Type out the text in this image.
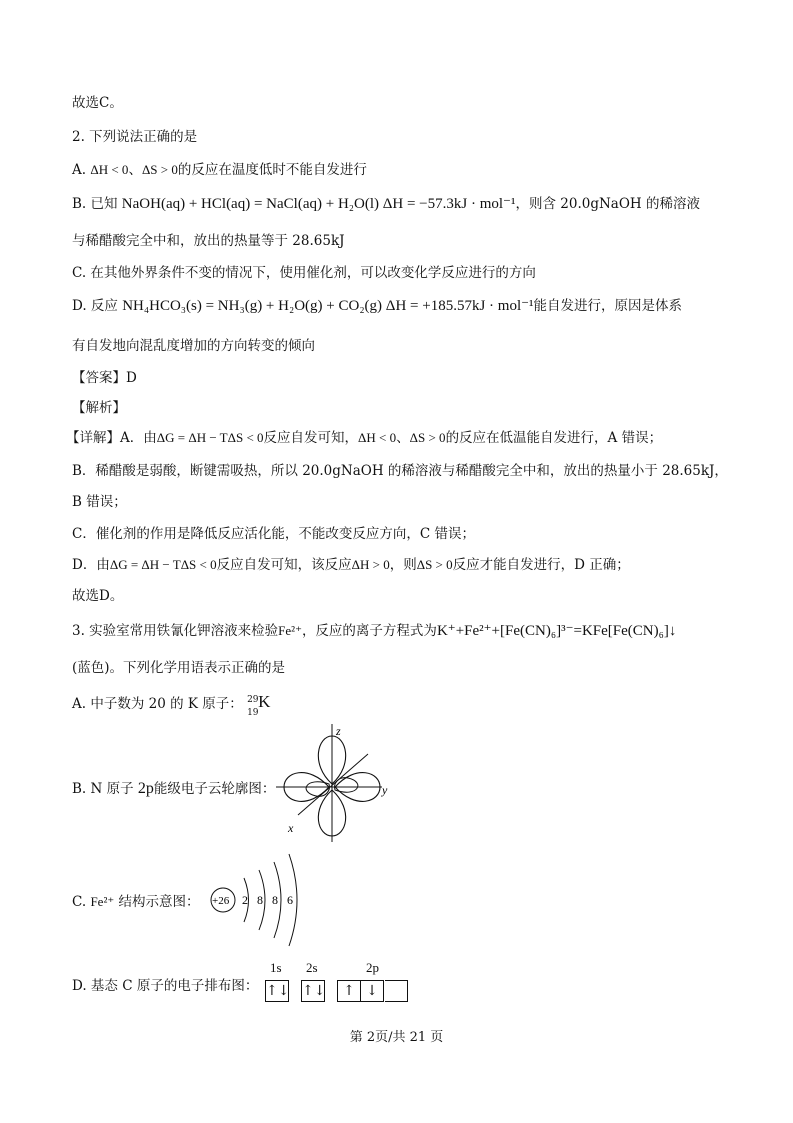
故选C。
2. 下列说法正确的是
A. ΔH < 0、ΔS > 0的反应在温度低时不能自发进行
B. 已知 NaOH(aq) + HCl(aq) = NaCl(aq) + H₂O(l) ΔH = −57.3kJ · mol⁻¹，则含 20.0gNaOH 的稀溶液
与稀醋酸完全中和，放出的热量等于 28.65kJ
C. 在其他外界条件不变的情况下，使用催化剂，可以改变化学反应进行的方向
D. 反应 NH₄HCO₃(s) = NH₃(g) + H₂O(g) + CO₂(g) ΔH = +185.57kJ · mol⁻¹能自发进行，原因是体系
有自发地向混乱度增加的方向转变的倾向
【答案】D
【解析】
【详解】A．由ΔG = ΔH − TΔS < 0反应自发可知，ΔH < 0、ΔS > 0的反应在低温能自发进行，A 错误；
B．稀醋酸是弱酸，断键需吸热，所以 20.0gNaOH 的稀溶液与稀醋酸完全中和，放出的热量小于 28.65kJ，
B 错误；
C．催化剂的作用是降低反应活化能，不能改变反应方向，C 错误；
D．由ΔG = ΔH − TΔS < 0反应自发可知，该反应ΔH > 0，则ΔS > 0反应才能自发进行，D 正确；
故选D。
3. 实验室常用铁氰化钾溶液来检验Fe²⁺，反应的离子方程式为K⁺+Fe²⁺+[Fe(CN)₆]³⁻=KFe[Fe(CN)₆]↓
(蓝色)。下列化学用语表示正确的是
A. 中子数为 20 的 K 原子： 29
19
K
B. N 原子 2p能级电子云轮廓图：
z
y
x
C. Fe²⁺ 结构示意图： +26 2 8 8 6
D. 基态 C 原子的电子排布图：
1s 2s	2p
↑↓ ↑↓	↑ ↓
第 2页/共 21 页
